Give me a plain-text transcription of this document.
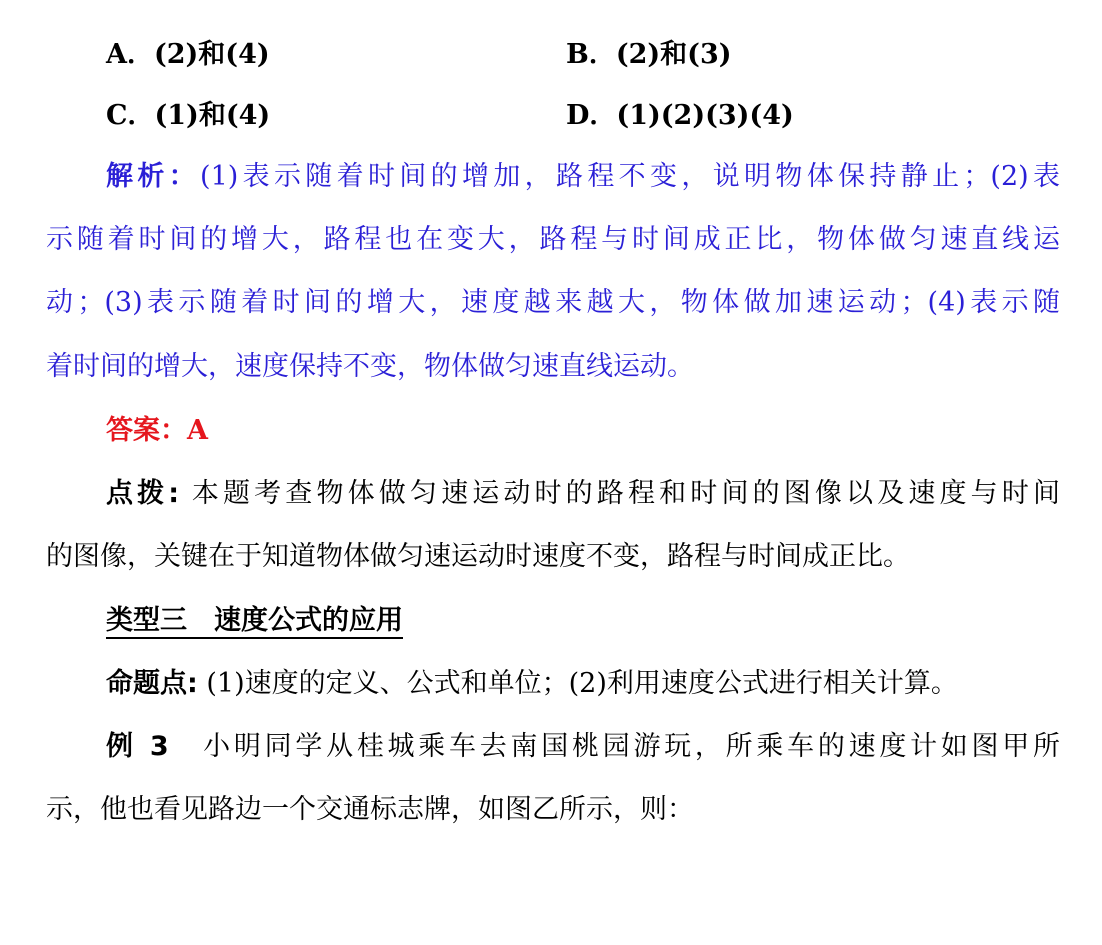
A．(2)和(4)	B．(2)和(3)
C．(1)和(4)	D．(1)(2)(3)(4)
解析：(1)表示随着时间的增加，路程不变，说明物体保持静止；(2)表
示随着时间的增大，路程也在变大，路程与时间成正比，物体做匀速直线运
动；(3)表示随着时间的增大，速度越来越大，物体做加速运动；(4)表示随
着时间的增大，速度保持不变，物体做匀速直线运动。
答案：A
点拨: 本题考查物体做匀速运动时的路程和时间的图像以及速度与时间
的图像，关键在于知道物体做匀速运动时速度不变，路程与时间成正比。
类型三　速度公式的应用
命题点: (1)速度的定义、公式和单位；(2)利用速度公式进行相关计算。
例 3　小明同学从桂城乘车去南国桃园游玩，所乘车的速度计如图甲所
示，他也看见路边一个交通标志牌，如图乙所示，则：
